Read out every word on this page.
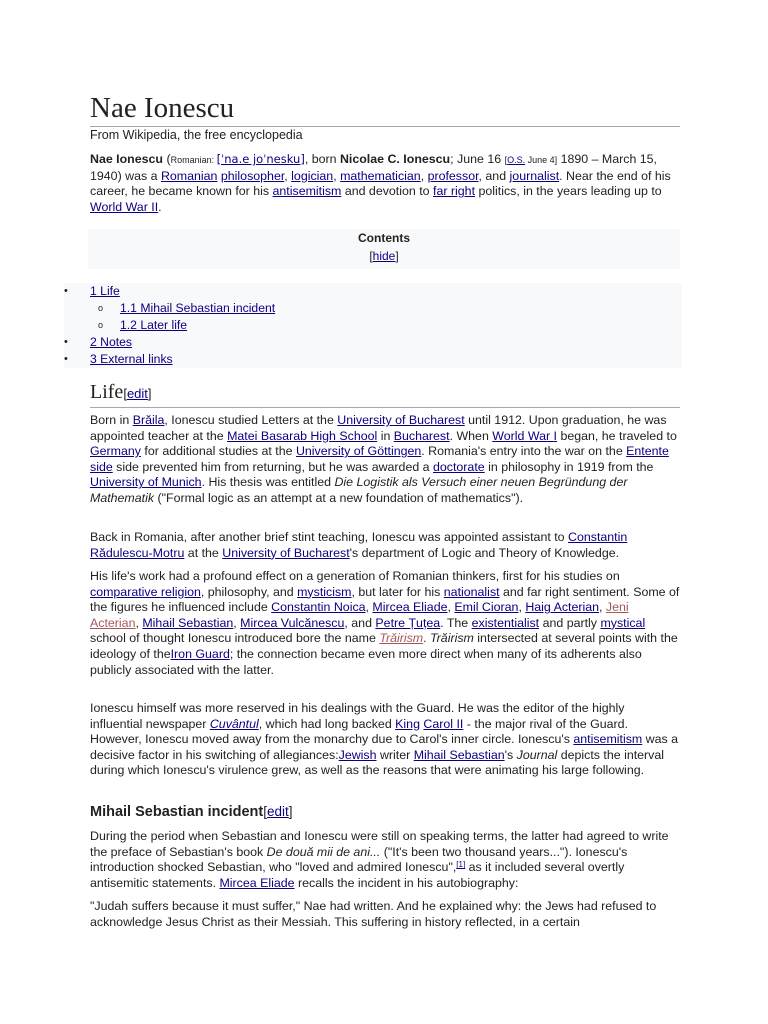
Nae Ionescu
From Wikipedia, the free encyclopedia

Nae Ionescu (Romanian: [ˈna.e joˈnesku], born Nicolae C. Ionescu; June 16 [O.S. June 4] 1890 – March 15, 1940) was a Romanian philosopher, logician, mathematician, professor, and journalist. Near the end of his career, he became known for his antisemitism and devotion to far right politics, in the years leading up to World War II.

Contents
[hide]
•	1 Life
o 1.1 Mihail Sebastian incident
o 1.2 Later life
•	2 Notes
•	3 External links
Life[edit]

Born in Brăila, Ionescu studied Letters at the University of Bucharest until 1912. Upon graduation, he was appointed teacher at the Matei Basarab High School in Bucharest. When World War I began, he traveled to Germany for additional studies at the University of Göttingen. Romania's entry into the war on the Entente side side prevented him from returning, but he was awarded a doctorate in philosophy in 1919 from the University of Munich. His thesis was entitled Die Logistik als Versuch einer neuen Begründung der Mathematik ("Formal logic as an attempt at a new foundation of mathematics").

Back in Romania, after another brief stint teaching, Ionescu was appointed assistant to Constantin Rădulescu-Motru at the University of Bucharest's department of Logic and Theory of Knowledge.

His life's work had a profound effect on a generation of Romanian thinkers, first for his studies on comparative religion, philosophy, and mysticism, but later for his nationalist and far right sentiment. Some of the figures he influenced include Constantin Noica, Mircea Eliade, Emil Cioran, Haig Acterian, Jeni Acterian, Mihail Sebastian, Mircea Vulcănescu, and Petre Țuțea. The existentialist and partly mystical school of thought Ionescu introduced bore the name Trăirism. Trăirism intersected at several points with the ideology of theIron Guard; the connection became even more direct when many of its adherents also publicly associated with the latter.

Ionescu himself was more reserved in his dealings with the Guard. He was the editor of the highly influential newspaper Cuvântul, which had long backed King Carol II - the major rival of the Guard. However, Ionescu moved away from the monarchy due to Carol's inner circle. Ionescu's antisemitism was a decisive factor in his switching of allegiances:Jewish writer Mihail Sebastian's Journal depicts the interval during which Ionescu's virulence grew, as well as the reasons that were animating his large following.

Mihail Sebastian incident[edit]

During the period when Sebastian and Ionescu were still on speaking terms, the latter had agreed to write the preface of Sebastian's book De două mii de ani... ("It's been two thousand years..."). Ionescu's introduction shocked Sebastian, who "loved and admired Ionescu",[1] as it included several overtly antisemitic statements. Mircea Eliade recalls the incident in his autobiography:

"Judah suffers because it must suffer," Nae had written. And he explained why: the Jews had refused to acknowledge Jesus Christ as their Messiah. This suffering in history reflected, in a certain
